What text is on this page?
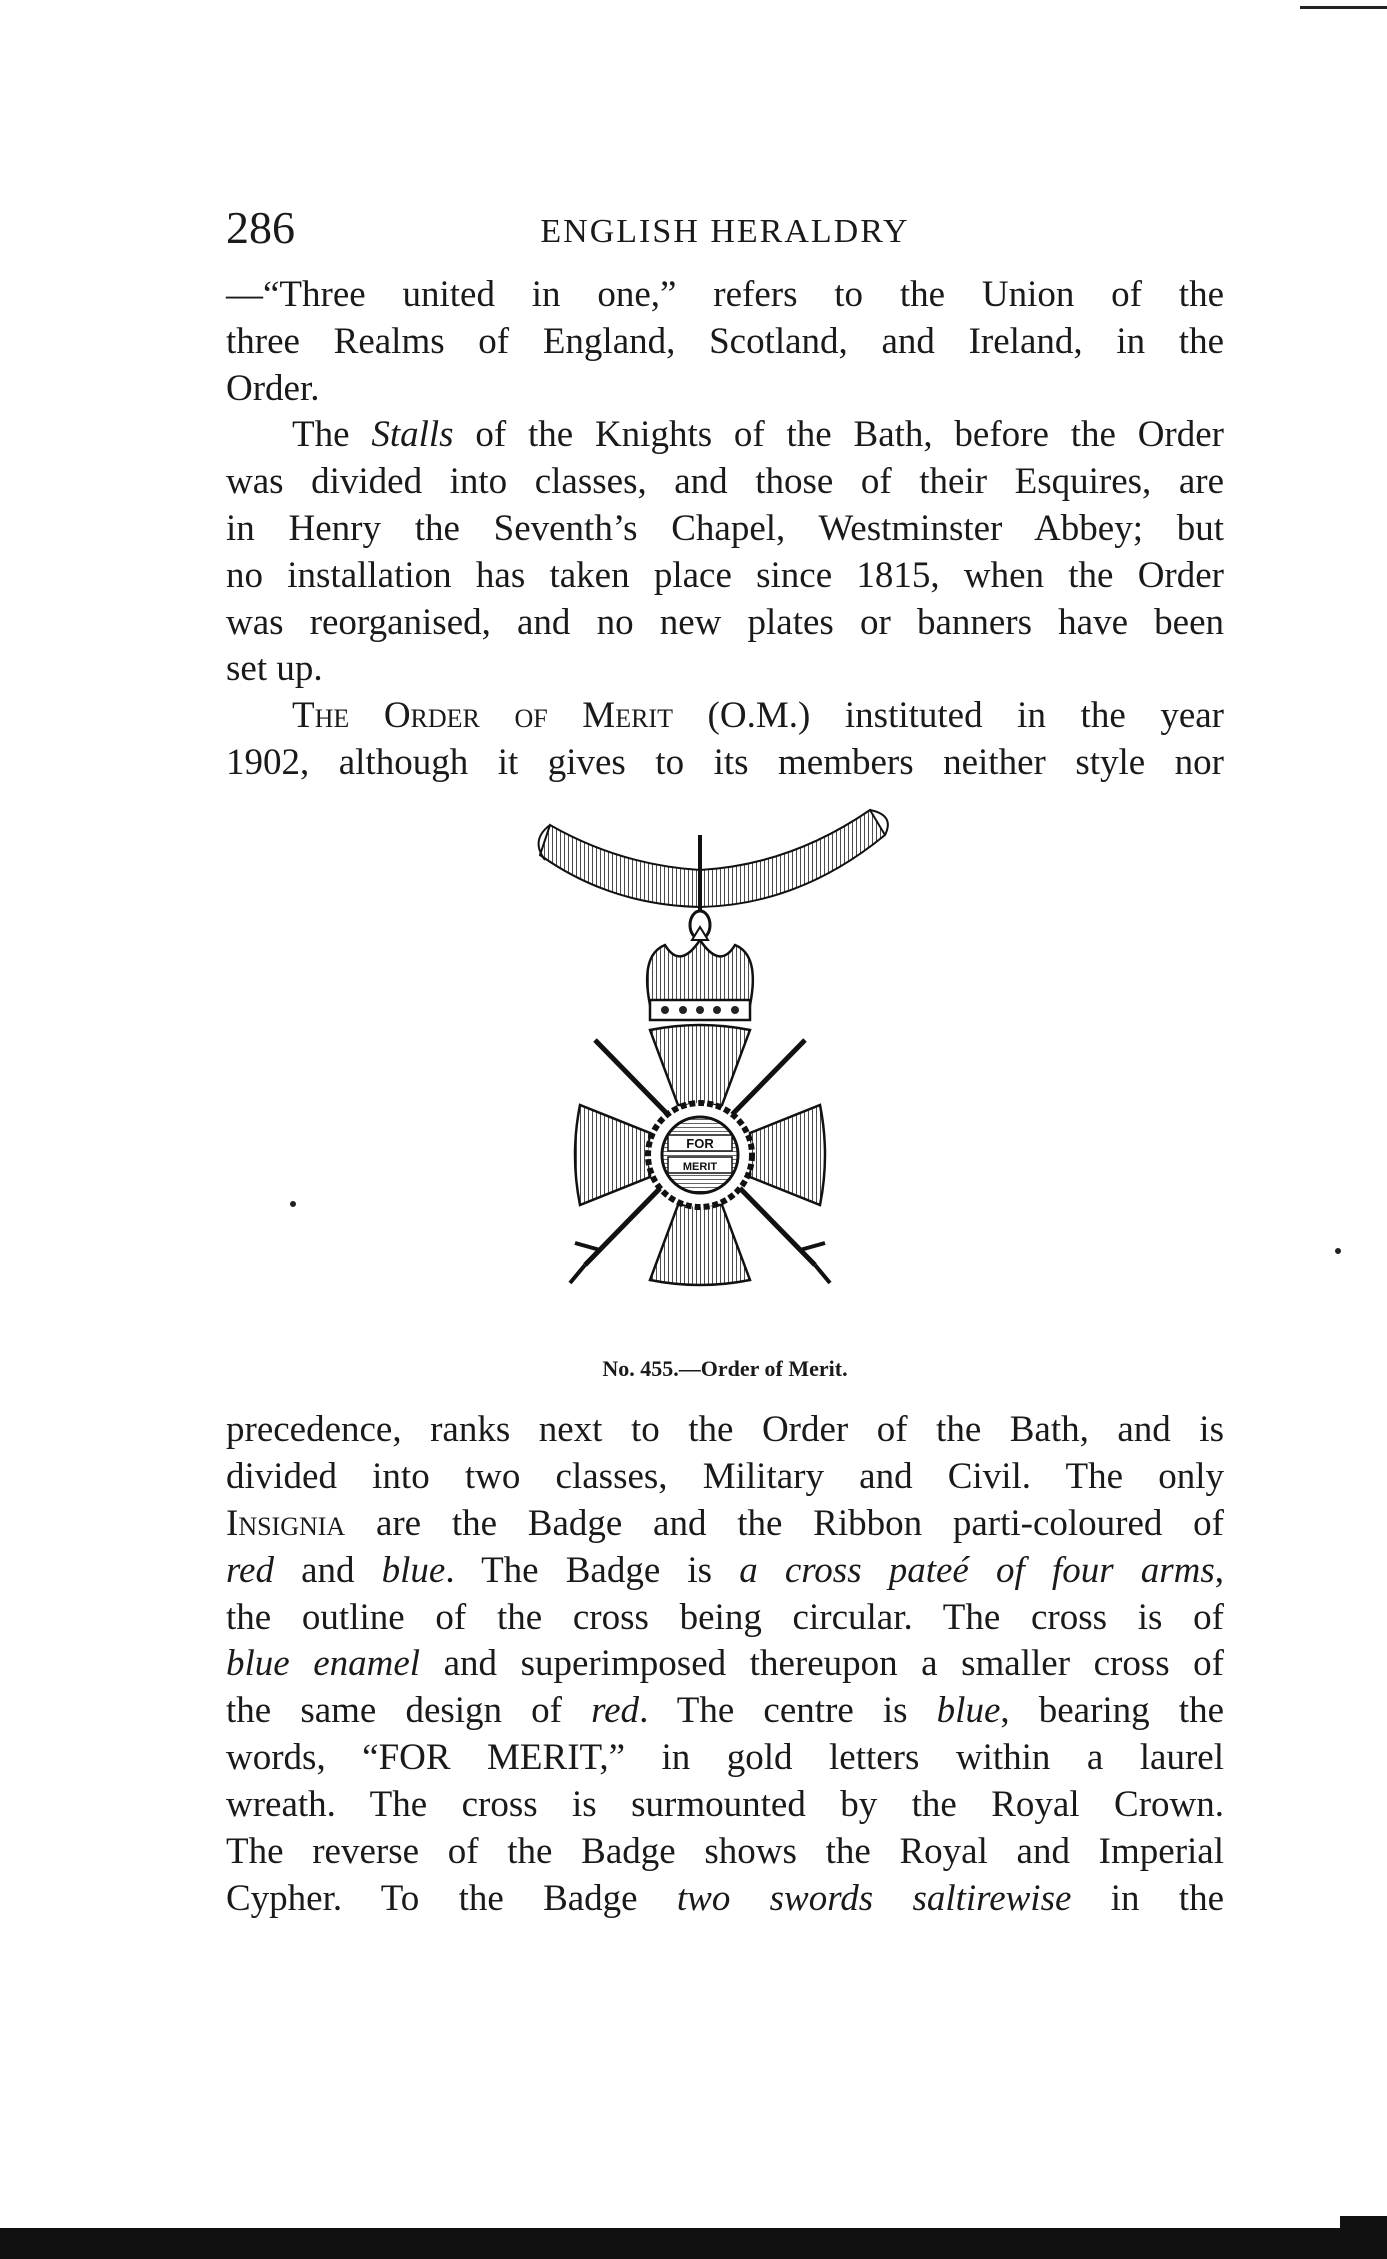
286	ENGLISH HERALDRY
—“Three united in one,” refers to the Union of the
three Realms of England, Scotland, and Ireland, in the
Order.
The Stalls of the Knights of the Bath, before the Order
was divided into classes, and those of their Esquires, are
in Henry the Seventh’s Chapel, Westminster Abbey; but
no installation has taken place since 1815, when the Order
was reorganised, and no new plates or banners have been
set up.
The Order of Merit (O.M.) instituted in the year
1902, although it gives to its members neither style nor
FOR
MERIT
No. 455.—Order of Merit.
precedence, ranks next to the Order of the Bath, and is
divided into two classes, Military and Civil. The only
Insignia are the Badge and the Ribbon parti-coloured of
red and blue. The Badge is a cross pateé of four arms,
the outline of the cross being circular. The cross is of
blue enamel and superimposed thereupon a smaller cross of
the same design of red. The centre is blue, bearing the
words, “FOR MERIT,” in gold letters within a laurel
wreath. The cross is surmounted by the Royal Crown.
The reverse of the Badge shows the Royal and Imperial
Cypher. To the Badge two swords saltirewise in the
